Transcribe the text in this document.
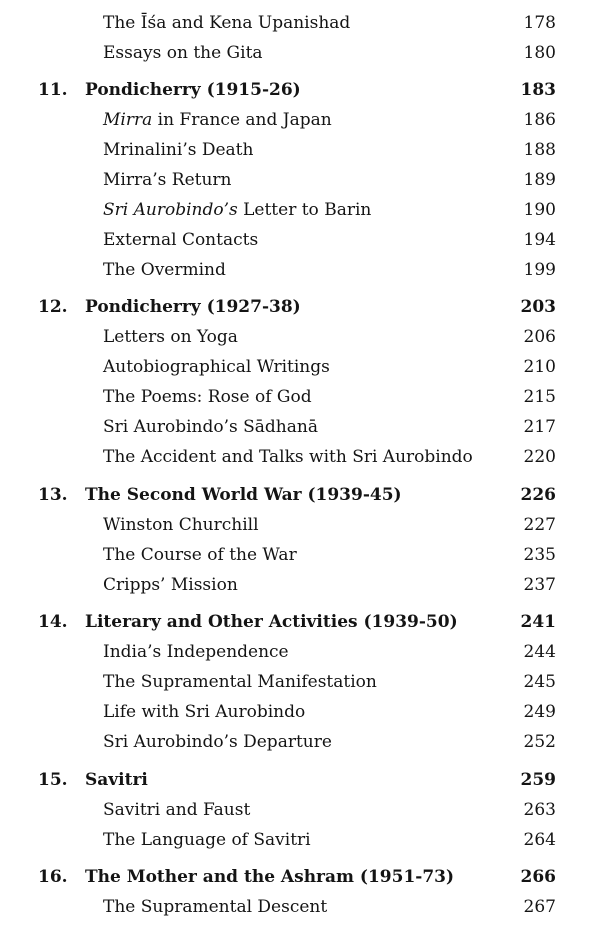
The Īśa and Kena Upanishad	178
Essays on the Gita	180
11. Pondicherry (1915-26)	183
Mirra in France and Japan	186
Mrinalini’s Death	188
Mirra’s Return	189
Sri Aurobindo’s Letter to Barin	190
External Contacts	194
The Overmind	199
12. Pondicherry (1927-38)	203
Letters on Yoga	206
Autobiographical Writings	210
The Poems: Rose of God	215
Sri Aurobindo’s Sādhanā	217
The Accident and Talks with Sri Aurobindo	220
13. The Second World War (1939-45)	226
Winston Churchill	227
The Course of the War	235
Cripps’ Mission	237
14. Literary and Other Activities (1939-50)	241
India’s Independence	244
The Supramental Manifestation	245
Life with Sri Aurobindo	249
Sri Aurobindo’s Departure	252
15. Savitri	259
Savitri and Faust	263
The Language of Savitri	264
16. The Mother and the Ashram (1951-73)	266
The Supramental Descent	267
